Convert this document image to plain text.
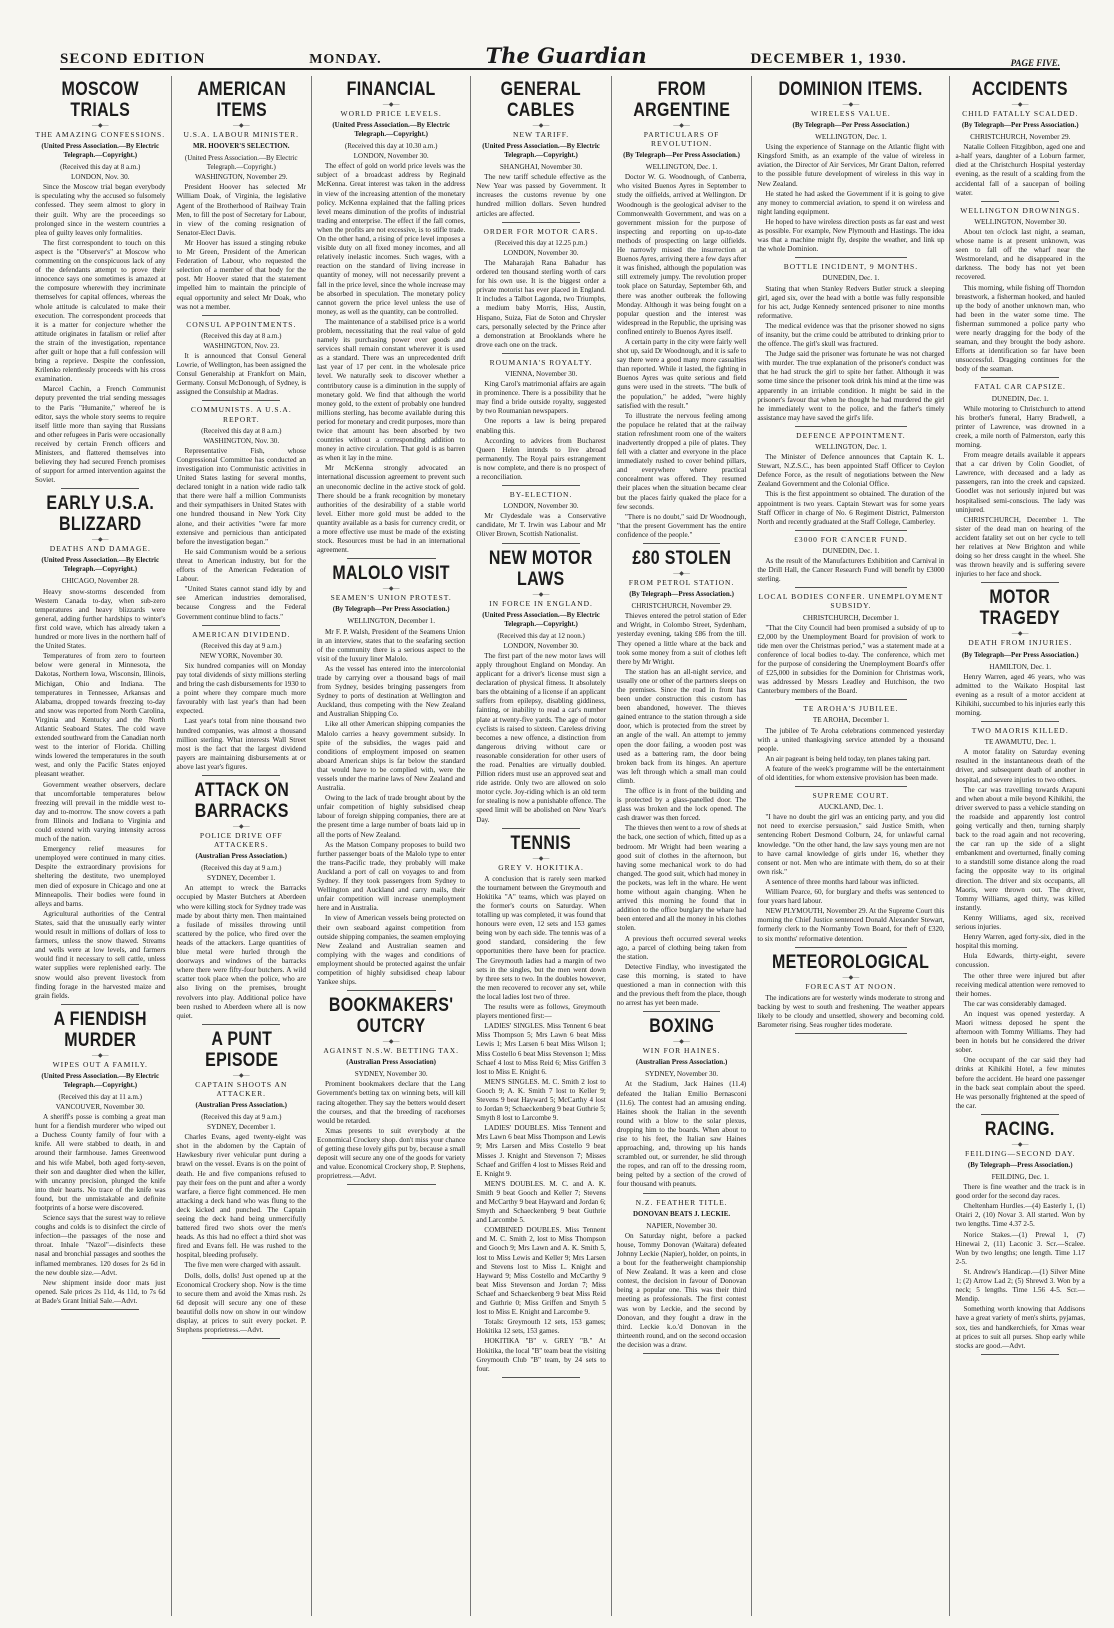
SECOND EDITION	MONDAY.	The Guardian	DECEMBER 1, 1930.	PAGE FIVE.
MOSCOW TRIALS
—◆—
THE AMAZING CONFESSIONS.
(United Press Association.—By Electric Telegraph.—Copyright.)
(Received this day at 8 a.m.)
LONDON, Nov. 30.

Since the Moscow trial began everybody is speculating why the accused so fulsomely confessed. They seem almost to glory in their guilt. Why are the proceedings so prolonged since in the western countries a plea of guilty leaves only formalities.

The first correspondent to touch on this aspect is the "Observer's" at Moscow who commenting on the conspicuous lack of any of the defendants attempt to prove their innocence says one sometimes is amazed at the composure wherewith they incriminate themselves for capital offences, whereas the whole attitude is calculated to make their execution. The correspondent proceeds that it is a matter for conjecture whether the attitude originates in fatalism or relief after the strain of the investigation, repentance after guilt or hope that a full confession will bring a reprieve. Despite the confession, Krilenko relentlessly proceeds with his cross examination.

Marcel Cachin, a French Communist deputy prevented the trial sending messages to the Paris "Humanite," whereof he is editor, says the whole story seems to require itself little more than saying that Russians and other refugees in Paris were occasionally received by certain French officers and Ministers, and flattered themselves into believing they had secured French promises of support for armed intervention against the Soviet.

EARLY U.S.A. BLIZZARD
—◆—
DEATHS AND DAMAGE.
(United Press Association.—By Electric Telegraph.—Copyright.)
CHICAGO, November 28.

Heavy snow-storms descended from Western Canada to-day, when sub-zero temperatures and heavy blizzards were general, adding further hardships to winter's first cold wave, which has already taken a hundred or more lives in the northern half of the United States.

Temperatures of from zero to fourteen below were general in Minnesota, the Dakotas, Northern Iowa, Wisconsin, Illinois, Michigan, Ohio and Indiana. The temperatures in Tennessee, Arkansas and Alabama, dropped towards freezing to-day and snow was reported from North Carolina, Virginia and Kentucky and the North Atlantic Seaboard States. The cold wave extended southward from the Canadian north west to the interior of Florida. Chilling winds lowered the temperatures in the south west, and only the Pacific States enjoyed pleasant weather.

Government weather observers, declare that uncomfortable temperatures below freezing will prevail in the middle west to-day and to-morrow. The snow covers a path from Illinois and Indiana to Virginia and could extend with varying intensity across much of the nation.

Emergency relief measures for unemployed were continued in many cities. Despite the extraordinary provisions for sheltering the destitute, two unemployed men died of exposure in Chicago and one at Minneapolis. Their bodies were found in alleys and barns.

Agricultural authorities of the Central States, said that the unusually early winter would result in millions of dollars of loss to farmers, unless the snow thawed. Streams and wells were at low levels, and farmers would find it necessary to sell cattle, unless water supplies were replenished early. The snow would also prevent livestock from finding forage in the harvested maize and grain fields.

A FIENDISH MURDER
—◆—
WIPES OUT A FAMILY.
(United Press Association.—By Electric Telegraph.—Copyright.)
(Received this day at 11 a.m.)
VANCOUVER, November 30.

A sheriff's posse is combing a great man hunt for a fiendish murderer who wiped out a Duchess County family of four with a knife. All were stabbed to death, in and around their farmhouse. James Greenwood and his wife Mabel, both aged forty-seven, their son and daughter died when the killer, with uncanny precision, plunged the knife into their hearts. No trace of the knife was found, but the unmistakable and definite footprints of a horse were discovered.

Science says that the surest way to relieve coughs and colds is to disinfect the circle of infection—the passages of the nose and throat. Inhale "Nazol"—disinfects these nasal and bronchial passages and soothes the inflamed membranes. 120 doses for 2s 6d in the new double size.—Advt.

New shipment inside door mats just opened. Sale prices 2s 11d, 4s 11d, to 7s 6d at Bade's Grant Initial Sale.—Advt.

AMERICAN ITEMS
—◆—
U.S.A. LABOUR MINISTER.
MR. HOOVER'S SELECTION.
(United Press Association.—By Electric Telegraph.—Copyright.)
WASHINGTON, November 29.

President Hoover has selected Mr William Doak, of Virginia, the legislative Agent of the Brotherhood of Railway Train Men, to fill the post of Secretary for Labour, in view of the coming resignation of Senator-Elect Davis.

Mr Hoover has issued a stinging rebuke to Mr Green, President of the American Federation of Labour, who requested the selection of a member of that body for the post. Mr Hoover stated that the statement impelled him to maintain the principle of equal opportunity and select Mr Doak, who was not a member.

CONSUL APPOINTMENTS.
(Received this day at 8 a.m.)
WASHINGTON, Nov. 23.

It is announced that Consul General Lowrie, of Wellington, has been assigned the Consul Generalship at Frankfort on Main, Germany. Consul McDonough, of Sydney, is assigned the Consulship at Madras.

COMMUNISTS. A U.S.A. REPORT.
(Received this day at 8 a.m.)
WASHINGTON, Nov. 30.

Representative Fish, whose Congressional Committee has conducted an investigation into Communistic activities in United States lasting for several months, declared tonight in a nation wide radio talk that there were half a million Communists and their sympathisers in United States with one hundred thousand in New York City alone, and their activities "were far more extensive and pernicious than anticipated before the investigation began."

He said Communism would be a serious threat to American industry, but for the efforts of the American Federation of Labour.

"United States cannot stand idly by and see American industries demoralised, because Congress and the Federal Government continue blind to facts."

AMERICAN DIVIDEND.
(Received this day at 9 a.m.)
NEW YORK, November 30.

Six hundred companies will on Monday pay total dividends of sixty millions sterling and bring the cash disbursements for 1930 to a point where they compare much more favourably with last year's than had been expected.

Last year's total from nine thousand two hundred companies, was almost a thousand million sterling. What interests Wall Street most is the fact that the largest dividend payers are maintaining disbursements at or above last year's figures.

ATTACK ON BARRACKS
—◆—
POLICE DRIVE OFF ATTACKERS.
(Australian Press Association.)
(Received this day at 9 a.m.)
SYDNEY, December 1.

An attempt to wreck the Barracks occupied by Master Butchers at Aberdeen who were killing stock for Sydney trade was made by about thirty men. Then maintained a fusilade of missiles throwing until scattered by the police, who fired over the heads of the attackers. Large quantities of blue metal were hurled through the doorways and windows of the barracks where there were fifty-four butchers. A wild scatter took place when the police, who are also living on the premises, brought revolvers into play. Additional police have been rushed to Aberdeen where all is now quiet.

A PUNT EPISODE
—◆—
CAPTAIN SHOOTS AN ATTACKER.
(Australian Press Association.)
(Received this day at 9 a.m.)
SYDNEY, December 1.

Charles Evans, aged twenty-eight was shot in the abdomen by the Captain of Hawkesbury river vehicular punt during a brawl on the vessel. Evans is on the point of death. He and five companions refused to pay their fees on the punt and after a wordy warfare, a fierce fight commenced. He men attacking a deck hand who was flung to the deck kicked and punched. The Captain seeing the deck hand being unmercifully battered fired two shots over the men's heads. As this had no effect a third shot was fired and Evans fell. He was rushed to the hospital, bleeding profusely.

The five men were charged with assault.

Dolls, dolls, dolls! Just opened up at the Economical Crockery shop. Now is the time to secure them and avoid the Xmas rush. 2s 6d deposit will secure any one of these beautiful dolls now on show in our window display, at prices to suit every pocket. P. Stephens proprietress.—Advt.

FINANCIAL
—◆—
WORLD PRICE LEVELS.
(United Press Association.—By Electric Telegraph.—Copyright.)
(Received this day at 10.30 a.m.)
LONDON, November 30.

The effect of gold on world price levels was the subject of a broadcast address by Reginald McKenna. Great interest was taken in the address in view of the increasing attention of the monetary policy. McKenna explained that the falling prices level means diminution of the profits of industrial trading and enterprise. The effect if the fall comes, when the profits are not excessive, is to stifle trade. On the other hand, a rising of price level imposes a visible duty on all fixed money incomes, and all relatively inelastic incomes. Such wages, with a reaction on the standard of living increase in quantity of money, will not necessarily prevent a fall in the price level, since the whole increase may be absorbed in speculation. The monetary policy cannot govern the price level unless the use of money, as well as the quantity, can be controlled.

The maintenance of a stabilised price is a world problem, necessitating that the real value of gold namely its purchasing power over goods and services shall remain constant wherever it is used as a standard. There was an unprecedented drift last year of 17 per cent. in the wholesale price level. We naturally seek to discover whether a contributory cause is a diminution in the supply of monetary gold. We find that although the world money gold, to the extent of probably one hundred millions sterling, has become available during this period for monetary and credit purposes, more than twice that amount has been absorbed by two countries without a corresponding addition to money in active circulation. That gold is as barren as when it lay in the mine.

Mr McKenna strongly advocated an international discussion agreement to prevent such an uneconomic decline in the active stock of gold. There should be a frank recognition by monetary authorities of the desirability of a stable world level. Either more gold must be added to the quantity available as a basis for currency credit, or a more effective use must be made of the existing stock. Resources must be had in an international agreement.

MALOLO VISIT
—◆—
SEAMEN'S UNION PROTEST.
(By Telegraph—Per Press Association.)
WELLINGTON, December 1.

Mr F. P. Walsh, President of the Seamens Union in an interview, states that to the seafaring section of the community there is a serious aspect to the visit of the luxury liner Malolo.

As the vessel has entered into the intercolonial trade by carrying over a thousand bags of mail from Sydney, besides bringing passengers from Sydney to ports of destination at Wellington and Auckland, thus competing with the New Zealand and Australian Shipping Co.

Like all other American shipping companies the Malolo carries a heavy government subsidy. In spite of the subsidies, the wages paid and conditions of employment imposed on seamen aboard American ships is far below the standard that would have to be complied with, were the vessels under the marine laws of New Zealand and Australia.

Owing to the lack of trade brought about by the unfair competition of highly subsidised cheap labour of foreign shipping companies, there are at the present time a large number of boats laid up in all the ports of New Zealand.

As the Matson Company proposes to build two further passenger boats of the Malolo type to enter the trans-Pacific trade, they probably will make Auckland a port of call on voyages to and from Sydney. If they took passengers from Sydney to Wellington and Auckland and carry mails, their unfair competition will increase unemployment here and in Australia.

In view of American vessels being protected on their own seaboard against competition from outside shipping companies, the seamen employing New Zealand and Australian seamen and complying with the wages and conditions of employment should be protected against the unfair competition of highly subsidised cheap labour Yankee ships.

BOOKMAKERS' OUTCRY
—◆—
AGAINST N.S.W. BETTING TAX.
(Australian Press Association)
SYDNEY, November 30.

Prominent bookmakers declare that the Lang Government's betting tax on winning bets, will kill racing altogether. They say the betters would desert the courses, and that the breeding of racehorses would be retarded.

Xmas presents to suit everybody at the Economical Crockery shop. don't miss your chance of getting these lovely gifts put by, because a small deposit will secure any one of the goods for variety and value. Economical Crockery shop, P. Stephens, proprietress.—Advt.

GENERAL CABLES
—◆—
NEW TARIFF.
(United Press Association.—By Electric Telegraph.—Copyright.)
SHANGHAI, November 30.

The new tariff schedule effective as the New Year was passed by Government. It increases the customs revenue by one hundred million dollars. Seven hundred articles are affected.

ORDER FOR MOTOR CARS.
(Received this day at 12.25 p.m.)
LONDON, November 30.

The Maharajah Rana Bahadur has ordered ten thousand sterling worth of cars for his own use. It is the biggest order a private motorist has ever placed in England. It includes a Talbot Lagonda, two Triumphs, a medium baby Morris, Hiss, Austin, Hispano, Suiza, Fiat de Soton and Chrysler cars, personally selected by the Prince after a demonstration at Brooklands where he drove each one on the track.

ROUMANIA'S ROYALTY.
VIENNA, November 30.

King Carol's matrimonial affairs are again in prominence. There is a possibility that he may find a bride outside royalty, suggested by two Roumanian newspapers.

One reports a law is being prepared enabling this.

According to advices from Bucharest Queen Helen intends to live abroad permanently. The Royal pairs estrangement is now complete, and there is no prospect of a reconciliation.

BY-ELECTION.
LONDON, November 30.

Mr Clydesdale was a Conservative candidate, Mr T. Irwin was Labour and Mr Oliver Brown, Scottish Nationalist.

NEW MOTOR LAWS
—◆—
IN FORCE IN ENGLAND.
(United Press Association.—By Electric Telegraph.—Copyright.)
(Received this day at 12 noon.)
LONDON, November 30.

The first part of the new motor laws will apply throughout England on Monday. An applicant for a driver's license must sign a declaration of physical fitness. It absolutely bars the obtaining of a license if an applicant suffers from epilepsy, disabling giddiness, fainting, or inability to read a car's number plate at twenty-five yards. The age of motor cyclists is raised to sixteen. Careless driving becomes a new offence, a distinction from dangerous driving without care or reasonable consideration for other users of the road. Penalties are virtually doubled. Pillion riders must use an approved seat and ride astride. Only two are allowed on solo motor cycle. Joy-riding which is an old term for stealing is now a punishable offence. The speed limit will be abolished on New Year's Day.

TENNIS
—◆—
GREY V. HOKITIKA.

A conclusion that is rarely seen marked the tournament between the Greymouth and Hokitika "A" teams, which was played on the former's courts on Saturday. When totalling up was completed, it was found that honours were even, 12 sets and 153 games being won by each side. The tennis was of a good standard, considering the few opportunities there have been for practice. The Greymouth ladies had a margin of two sets in the singles, but the men went down by three sets to two. In the doubles however, the men recovered to recover any set, while the local ladies lost two of three.

The results were as follows, Greymouth players mentioned first:—

LADIES' SINGLES. Miss Tennent 6 beat Miss Thompson 5; Mrs Lawn 6 beat Miss Lewis 1; Mrs Larsen 6 beat Miss Wilson 1; Miss Costello 6 beat Miss Stevenson 1; Miss Schaef 4 lost to Miss Reid 6; Miss Griffen 3 lost to Miss E. Knight 6.

MEN'S SINGLES. M. C. Smith 2 lost to Gooch 9; A. K. Smith 7 lost to Keller 9; Stevens 9 beat Hayward 5; McCarthy 4 lost to Jordan 9; Schaeckenberg 9 beat Guthrie 5; Smyth 8 lost to Larcombe 9.

LADIES' DOUBLES. Miss Tennent and Mrs Lawn 6 beat Miss Thompson and Lewis 9; Mrs Larsen and Miss Costello 9 beat Misses J. Knight and Stevenson 7; Misses Schaef and Griffen 4 lost to Misses Reid and E. Knight 9.

MEN'S DOUBLES. M. C. and A. K. Smith 9 beat Gooch and Keller 7; Stevens and McCarthy 9 beat Hayward and Jordan 6; Smyth and Schaeckenberg 9 beat Guthrie and Larcombe 5.

COMBINED DOUBLES. Miss Tennent and M. C. Smith 2, lost to Miss Thompson and Gooch 9; Mrs Lawn and A. K. Smith 5, lost to Miss Lewis and Keller 9; Mrs Larsen and Stevens lost to Miss L. Knight and Hayward 9; Miss Costello and McCarthy 9 beat Miss Stevenson and Jordan 7; Miss Schaef and Schaeckenberg 9 beat Miss Reid and Guthrie 0; Miss Griffen and Smyth 5 lost to Miss E. Knight and Larcombe 9.

Totals: Greymouth 12 sets, 153 games; Hokitika 12 sets, 153 games.

HOKITIKA "B" v. GREY "B." At Hokitika, the local "B" team beat the visiting Greymouth Club "B" team, by 24 sets to four.

FROM ARGENTINE
—◆—
PARTICULARS OF REVOLUTION.
(By Telegraph—Per Press Association.)
WELLINGTON, Dec. 1.

Doctor W. G. Woodnough, of Canberra, who visited Buenos Ayres in September to study the oilfields, arrived at Wellington. Dr Woodnough is the geological adviser to the Commonwealth Government, and was on a government mission for the purpose of inspecting and reporting on up-to-date methods of prospecting on large oilfields. He narrowly missed the insurrection at Buenos Ayres, arriving there a few days after it was finished, although the population was still extremely jumpy. The revolution proper took place on Saturday, September 6th, and there was another outbreak the following Monday. Although it was being fought on a popular question and the interest was widespread in the Republic, the uprising was confined entirely to Buenos Ayres itself.

A certain party in the city were fairly well shot up, said Dr Woodnough, and it is safe to say there were a good many more casualties than reported. While it lasted, the fighting in Buenos Ayres was quite serious and field guns were used in the streets. "The bulk of the population," he added, "were highly satisfied with the result."

To illustrate the nervous feeling among the populace he related that at the railway station refreshment room one of the waiters inadvertently dropped a pile of plates. They fell with a clatter and everyone in the place immediately rushed to cover behind pillars, and everywhere where practical concealment was offered. They resumed their places when the situation became clear but the places fairly quaked the place for a few seconds.

"There is no doubt," said Dr Woodnough, "that the present Government has the entire confidence of the people."

£80 STOLEN
—◆—
FROM PETROL STATION.
(By Telegraph—Press Association.)
CHRISTCHURCH, November 29.

Thieves entered the petrol station of Eder and Wright, in Colombo Street, Sydenham, yesterday evening, taking £86 from the till. They opened a little whare at the back and took some money from a suit of clothes left there by Mr Wright.

The station has an all-night service, and usually one or other of the partners sleeps on the premises. Since the road in front has been under construction this custom has been abandoned, however. The thieves gained entrance to the station through a side door, which is protected from the street by an angle of the wall. An attempt to jemmy open the door failing, a wooden post was used as a battering ram, the door being broken back from its hinges. An aperture was left through which a small man could climb.

The office is in front of the building and is protected by a glass-panelled door. The glass was broken and the lock opened. The cash drawer was then forced.

The thieves then went to a row of sheds at the back, one section of which, fitted up as a bedroom. Mr Wright had been wearing a good suit of clothes in the afternoon, but having some mechanical work to do had changed. The good suit, which had money in the pockets, was left in the whare. He went home without again changing. When he arrived this morning he found that in addition to the office burglary the whare had been entered and all the money in his clothes stolen.

A previous theft occurred several weeks ago, a parcel of clothing being taken from the station.

Detective Findlay, who investigated the case this morning, is stated to have questioned a man in connection with this and the previous theft from the place, though no arrest has yet been made.

BOXING
—◆—
WIN FOR HAINES.
(Australian Press Association.)
SYDNEY, November 30.

At the Stadium, Jack Haines (11.4) defeated the Italian Emilio Bernasconi (11.6). The contest had an amusing ending. Haines shook the Italian in the seventh round with a blow to the solar plexus, dropping him to the boards. When about to rise to his feet, the Italian saw Haines approaching, and, throwing up his hands scrambled out, or surrender, he slid through the ropes, and ran off to the dressing room, being pelted by a section of the crowd of four thousand with peanuts.

N.Z. FEATHER TITLE.
DONOVAN BEATS J. LECKIE.
NAPIER, November 30.

On Saturday night, before a packed house, Tommy Donovan (Waitara) defeated Johnny Leckie (Napier), holder, on points, in a bout for the featherweight championship of New Zealand. It was a keen and close contest, the decision in favour of Donovan being a popular one. This was their third meeting as professionals. The first contest was won by Leckie, and the second by Donovan, and they fought a draw in the third. Leckie k.o.'d Donovan in the thirteenth round, and on the second occasion the decision was a draw.

DOMINION ITEMS.
—◆—
WIRELESS VALUE.
(By Telegraph—Per Press Association.)
WELLINGTON, Dec. 1.

Using the experience of Stannage on the Atlantic flight with Kingsford Smith, as an example of the value of wireless in aviation, the Director of Air Services, Mr Grant Dalton, referred to the possible future development of wireless in this way in New Zealand.

He stated he had asked the Government if it is going to give any money to commercial aviation, to spend it on wireless and night landing equipment.

He hoped to have wireless direction posts as far east and west as possible. For example, New Plymouth and Hastings. The idea was that a machine might fly, despite the weather, and link up the whole Dominion.

BOTTLE INCIDENT, 9 MONTHS.
DUNEDIN, Dec. 1.

Stating that when Stanley Redvers Butler struck a sleeping girl, aged six, over the head with a bottle was fully responsible for his act, Judge Kennedy sentenced prisoner to nine months reformative.

The medical evidence was that the prisoner showed no signs of insanity, but the crime could be attributed to drinking prior to the offence. The girl's skull was fractured.

The Judge said the prisoner was fortunate he was not charged with murder. The true explanation of the prisoner's conduct was that he had struck the girl to spite her father. Although it was some time since the prisoner took drink his mind at the time was apparently in an irritable condition. It might be said in the prisoner's favour that when he thought he had murdered the girl he immediately went to the police, and the father's timely assistance may have saved the girl's life.

DEFENCE APPOINTMENT.
WELLINGTON, Dec. 1.

The Minister of Defence announces that Captain K. L. Stewart, N.Z.S.C., has been appointed Staff Officer to Ceylon Defence Force, as the result of negotiations between the New Zealand Government and the Colonial Office.

This is the first appointment so obtained. The duration of the appointment is two years. Captain Stewart was for some years Staff Officer in charge of No. 6 Regiment District, Palmerston North and recently graduated at the Staff College, Camberley.

£3000 FOR CANCER FUND.
DUNEDIN, Dec. 1.

As the result of the Manufacturers Exhibition and Carnival in the Drill Hall, the Cancer Research Fund will benefit by £3000 sterling.

LOCAL BODIES CONFER. UNEMPLOYMENT SUBSIDY.
CHRISTCHURCH, December 1.

"That the City Council had been promised a subsidy of up to £2,000 by the Unemployment Board for provision of work to tide men over the Christmas period," was a statement made at a conference of local bodies to-day. The conference, which met for the purpose of considering the Unemployment Board's offer of £25,000 in subsidies for the Dominion for Christmas work, was addressed by Messrs Leadley and Hutchison, the two Canterbury members of the Board.

TE AROHA'S JUBILEE.
TE AROHA, December 1.

The jubilee of Te Aroha celebrations commenced yesterday with a united thanksgiving service attended by a thousand people.

An air pageant is being held today, ten planes taking part.

A feature of the week's programme will be the entertainment of old identities, for whom extensive provision has been made.

SUPREME COURT.
AUCKLAND, Dec. 1.

"I have no doubt the girl was an enticing party, and you did not need to exercise persuasion," said Justice Smith, when sentencing Robert Desmond Colburn, 24, for unlawful carnal knowledge. "On the other hand, the law says young men are not to have carnal knowledge of girls under 16, whether they consent or not. Men who are intimate with them, do so at their own risk."

A sentence of three months hard labour was inflicted.

William Pearce, 60, for burglary and thefts was sentenced to four years hard labour.

NEW PLYMOUTH, November 29. At the Supreme Court this morning the Chief Justice sentenced Donald Alexander Stewart, formerly clerk to the Normanby Town Board, for theft of £320, to six months' reformative detention.

METEOROLOGICAL
—◆—
FORECAST AT NOON.

The indications are for westerly winds moderate to strong and backing by west to south and freshening. The weather appears likely to be cloudy and unsettled, showery and becoming cold. Barometer rising. Seas rougher tides moderate.

ACCIDENTS
—◆—
CHILD FATALLY SCALDED.
(By Telegraph—Per Press Association.)
CHRISTCHURCH, November 29.

Natalie Colleen Fitzgibbon, aged one and a-half years, daughter of a Loburn farmer, died at the Christchurch Hospital yesterday evening, as the result of a scalding from the accidental fall of a saucepan of boiling water.

WELLINGTON DROWNINGS.
WELLINGTON, November 30.

About ten o'clock last night, a seaman, whose name is at present unknown, was seen to fall off the wharf near the Westmoreland, and he disappeared in the darkness. The body has not yet been recovered.

This morning, while fishing off Thorndon breastwork, a fisherman hooked, and hauled up the body of another unknown man, who had been in the water some time. The fisherman summoned a police party who were nearly dragging for the body of the seaman, and they brought the body ashore. Efforts at identification so far have been unsuccessful. Dragging continues for the body of the seaman.

FATAL CAR CAPSIZE.
DUNEDIN, Dec. 1.

While motoring to Christchurch to attend his brother's funeral, Harry Bradwell, a printer of Lawrence, was drowned in a creek, a mile north of Palmerston, early this morning.

From meagre details available it appears that a car driven by Colin Goodlet, of Lawrence, with deceased and a lady as passengers, ran into the creek and capsized. Goodlet was not seriously injured but was hospitalised semi-conscious. The lady was uninjured.

CHRISTCHURCH, December 1. The sister of the dead man on hearing of the accident fatality set out on her cycle to tell her relatives at New Brighton and while doing so her dress caught in the wheel. She was thrown heavily and is suffering severe injuries to her face and shock.

MOTOR TRAGEDY
—◆—
DEATH FROM INJURIES.
(By Telegraph—Per Press Association.)
HAMILTON, Dec. 1.

Henry Warren, aged 46 years, who was admitted to the Waikato Hospital last evening as a result of a motor accident at Kihikihi, succumbed to his injuries early this morning.

TWO MAORIS KILLED.
TE AWAMUTU, Dec. 1.

A motor fatality on Saturday evening resulted in the instantaneous death of the driver, and subsequent death of another in hospital, and severe injuries to two others.

The car was travelling towards Arapuni and when about a mile beyond Kihikihi, the driver swerved to pass a vehicle standing on the roadside and apparently lost control going vertically and then, turning sharply back to the road again and not recovering, the car ran up the side of a slight embankment and overturned, finally coming to a standstill some distance along the road facing the opposite way to its original direction. The driver and six occupants, all Maoris, were thrown out. The driver, Tommy Williams, aged thirty, was killed instantly.

Kenny Williams, aged six, received serious injuries.

Henry Warren, aged forty-six, died in the hospital this morning.

Hula Edwards, thirty-eight, severe concussion.

The other three were injured but after receiving medical attention were removed to their homes.

The car was considerably damaged.

An inquest was opened yesterday. A Maori witness deposed he spent the afternoon with Tommy Williams. They had been in hotels but he considered the driver sober.

One occupant of the car said they had drinks at Kihikihi Hotel, a few minutes before the accident. He heard one passenger in the back seat complain about the speed. He was personally frightened at the speed of the car.

RACING.
—◆—
FEILDING—SECOND DAY.
(By Telegraph—Press Association.)
FEILDING, Dec. 1.

There is fine weather and the track is in good order for the second day races.

Cheltenham Hurdles.—(4) Easterly 1, (1) Otairi 2, (10) Novar 3. All started. Won by two lengths. Time 4.37 2-5.

Norice Stakes.—(1) Prewal 1, (7) Hinewai 2, (11) Laconic 3. Scr.—Scalee. Won by two lengths; one length. Time 1.17 2-5.

St. Andrew's Handicap.—(1) Silver Mine 1; (2) Arrow Lad 2; (5) Shrewd 3. Won by a neck; 5 lengths. Time 1.56 4-5. Scr.—Mendip.

Something worth knowing that Addisons have a great variety of men's shirts, pyjamas, sox, ties and handkerchiefs, for Xmas wear at prices to suit all purses. Shop early while stocks are good.—Advt.
